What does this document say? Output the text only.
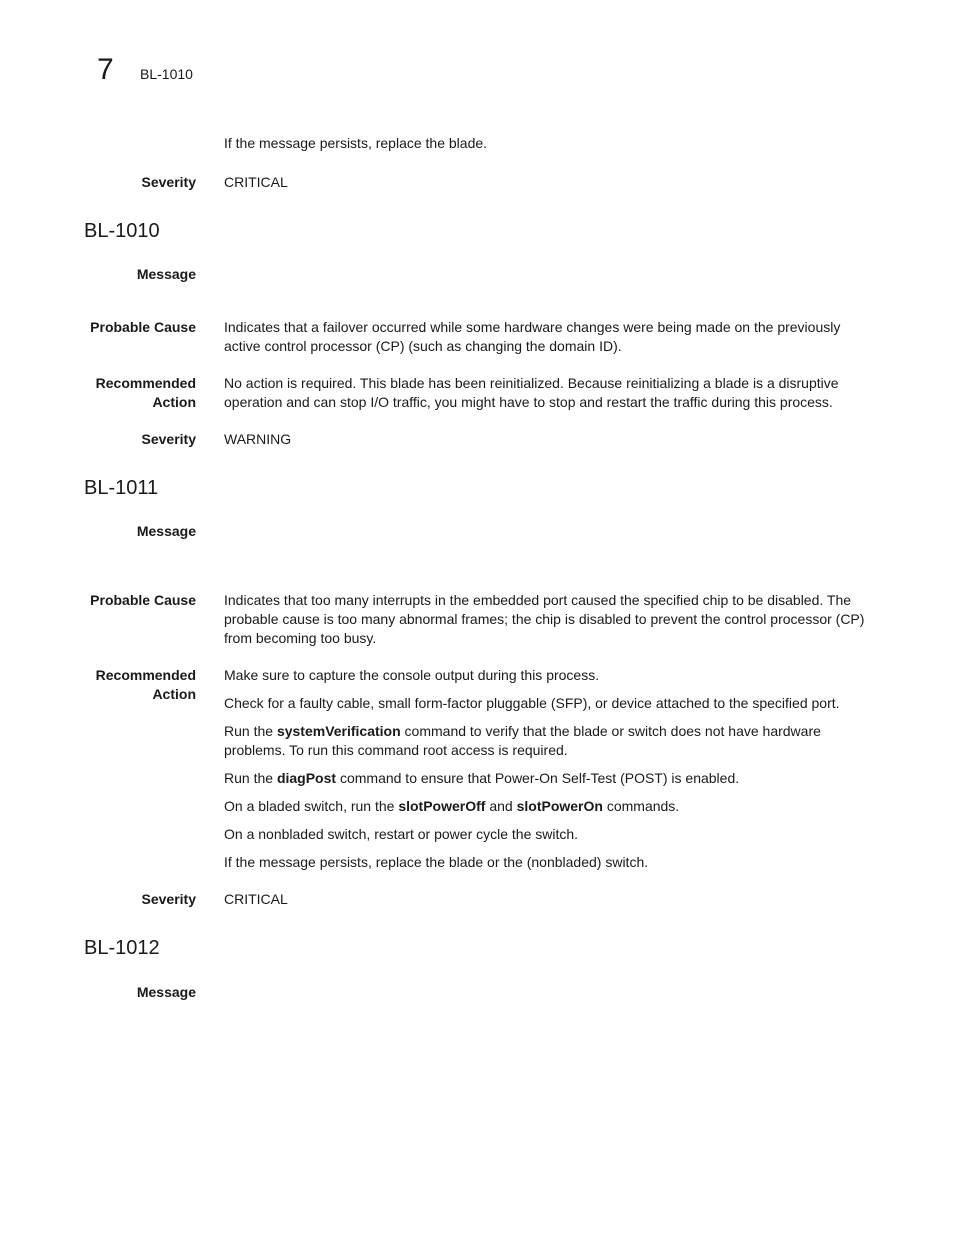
7 BL-1010
If the message persists, replace the blade.
Severity CRITICAL
BL-1010
Message
Probable Cause Indicates that a failover occurred while some hardware changes were being made on the previously active control processor (CP) (such as changing the domain ID).
Recommended
Action
No action is required. This blade has been reinitialized. Because reinitializing a blade is a disruptive operation and can stop I/O traffic, you might have to stop and restart the traffic during this process.
Severity WARNING
BL-1011
Message
Probable Cause Indicates that too many interrupts in the embedded port caused the specified chip to be disabled. The probable cause is too many abnormal frames; the chip is disabled to prevent the control processor (CP) from becoming too busy.
Recommended
Action

Make sure to capture the console output during this process.

Check for a faulty cable, small form-factor pluggable (SFP), or device attached to the specified port.

Run the systemVerification command to verify that the blade or switch does not have hardware problems. To run this command root access is required.

Run the diagPost command to ensure that Power-On Self-Test (POST) is enabled.

On a bladed switch, run the slotPowerOff and slotPowerOn commands.

On a nonbladed switch, restart or power cycle the switch.

If the message persists, replace the blade or the (nonbladed) switch.

Severity CRITICAL
BL-1012
Message
